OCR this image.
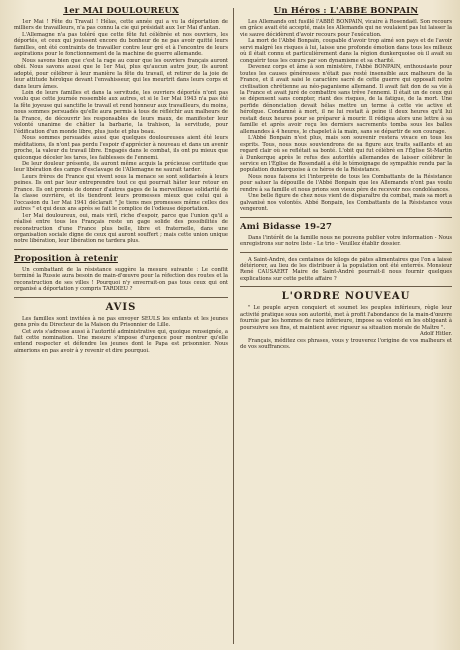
1er MAI DOULOUREUX

1er Mai ! Fête du Travail ! Hélas, cette année qui a vu la déportation de milliers de travailleurs, n'a pas connu la cie qui présidait aux 1er Mai d'antan.

L'Allemagne n'a pas toléré que cette fête fut célébrée et nos ouvriers, les déportés, et ceux qui jouissent encore du bonheur de ne pas avoir quitté leurs familles, ont été contraints de travailler contre leur gré et à l'encontre de leurs aspirations pour le fonctionnement de la machine de guerre allemande.

Nous savons bien que c'est la rage au cœur que les ouvriers français auront obéi. Nous savons aussi que le 1er Mai, plus qu'aucun autre jour, ils auront adopté, pour célébrer à leur manière la fête du travail, et retirer de la joie de leur attitude héroïque devant l'envahisseur, qui les meurtrit dans leurs corps et dans leurs âmes.

Loin de leurs familles et dans la servitude, les ouvriers déportés n'ont pas voulu que cette journée ressemble aux autres, et si le 1er Mai 1943 n'a pas été la fête joyeuse qui sanctifie le travail et rend honneur aux travailleurs, du moins, nous sommes persuadés qu'elle aura permis à tous de réfléchir aux malheurs de la France, de découvrir les responsables de leurs maux, de manifester leur volonté unanime de châtier la barbarie, la trahison, la servitude, pour l'édification d'un monde libre, plus juste et plus beau.

Nous sommes persuadés aussi que quelques douloureuses aient été leurs méditations, ils n'ont pas perdu l'espoir d'apprécier à nouveau et dans un avenir proche, la valeur du travail libre. Engagés dans le combat, ils ont pu mieux que quiconque déceler les tares, les faiblesses de l'ennemi.

De leur douleur présente, ils auront même acquis la précieuse certitude que leur libération des camps d'esclavage de l'Allemagne ne saurait tarder.

Leurs frères de France qui vivent sous la menace se sont solidarisés à leurs peines. Ils ont par leur entreprendre tout ce qui pourrait hâter leur retour en France. Ils ont promis de donner d'autres gages de la merveilleuse solidarité de la classe ouvrière, et ils tiendront leurs promesses mieux que celui qui à l'occasion du 1er Mai 1941 déclarait " Je tiens mes promesses même celles des autres " et qui deux ans après se fait le complice de l'odieuse déportation.

1er Mai douloureux, oui, mais viril, riche d'espoir, parce que l'union qu'il a réalisé entre tous les Français reste un gage solide des possibilités de reconstruction d'une France plus belle, libre et fraternelle, dans une organisation sociale digne de ceux qui auront souffert ; mais cette union unique notre libération, leur libération ne tardera plus.

Proposition à retenir

Un combattant de la résistance suggère la mesure suivante : Le conflit terminé la Russie aura besoin de main-d'œuvre pour la réfection des routes et la reconstruction de ses villes ! Pourquoi n'y enverrait-on pas tous ceux qui ont organisé a déportation y compris TARDIEU ?

AVIS

Les familles sont invitées à ne pas envoyer SEULS les enfants et les jeunes gens près du Directeur de la Maison du Prisonnier de Lille.

Cet avis s'adresse aussi à l'autorité administrative qui, quoique renseignée, a fait cette nomination. Une mesure s'impose d'urgence pour montrer qu'elle entend respecter et défendre les jeunes dont le Papa est prisonnier. Nous aimerions en pas avoir à y revenir et dire pourquoi.

Un Héros : L'ABBÉ BONPAIN

Les Allemands ont fusillé l'ABBÉ BONPAIN, vicaire à Rosendaël. Son recours en grâce avait été accepté, mais les Allemands qui ne voulaient pas lui laisser la vie sauve décidèrent d'avoir recours pour l'exécution.

La mort de l'Abbé Bonpain, coupable d'avoir trop aimé son pays et de l'avoir servi malgré les risques à lui, laisse une profonde émotion dans tous les milieux où il était connu et particulièrement dans la région dunkerquoise où il avait su conquérir tous les cœurs par son dynamisme et sa charité.

Devenez corps et âme à son ministère, l'Abbé BONPAIN, enthousiaste pour toutes les causes généreuses n'était pas resté insensible aux malheurs de la France, et il avait saisi le caractère sacré de cette guerre qui opposait notre civilisation chrétienne au néo-paganisme allemand. Il avait fait don de sa vie à la France et avait juré de combattre sans trêve l'ennemi. Il était un de ceux qui se dépensent sans compter, riant des risques, de la fatigue, de la mort. Une perfide dénonciation devait hélas mettre un terme à cette vie active et héroïque. Condamné à mort, il ne lui restait à peine il deux heures qu'il lui restait deux heures pour se préparer à mourir. Il rédigea alors une lettre à sa famille et après avoir reçu les derniers sacrements tomba sous les balles allemandes à 4 heures, le chapelet à la main, sans se départir de son courage.

L'Abbé Bonpain n'est plus, mais son souvenir restera vivace en tous les esprits. Tous, nous nous souviendrons de sa figure aux traits saillants et au regard clair où se reflétait sa bonté. L'obit qui fut célébré en l'Église St-Martin à Dunkerque après le refus des autorités allemandes de laisser célébrer le service en l'Église de Rosendaël a été le témoignage de sympathie rendu par la population dunkerquoise à ce héros de la Résistance.

Nous nous faisons ici l'interprète de tous les Combattants de la Résistance pour saluer la dépouille de l'Abbé Bonpain que les Allemands n'ont pas voulu rendre à sa famille et nous prions son vieux père de recevoir nos condoléances.

Une belle figure de chez nous vient de disparaître du combat, mais sa mort a galvanisé nos volontés. Abbé Bonpain, les Combattants de la Résistance vous vengeront.

Ami Bidasse 19-27

Dans l'intérêt de la famille nous ne pouvons publier votre information - Nous enregistrons sur notre liste - Le trio - Veuillez établir dossier.

A Saint-André, des centaines de kilogs de pâtes alimentaires que l'on a laissé détériorer, au lieu de les distribuer à la population ont été enterrés. Monsieur René CAUSAERT Maire de Saint-André pourrait-il nous fournir quelques explications sur cette petite affaire ?

L'ORDRE NOUVEAU

" Le peuple aryen conquiert et soumet les peuples inférieurs, règle leur activité pratique sous son autorité, met à profit l'abondance de la main-d'œuvre fournie par les hommes de race inférieure, impose sa volonté en les obligeant à poursuivre ses fins, et maintient avec rigueur sa situation morale de Maître ".

Adolf Hitler.

Français, méditez ces phrases, vous y trouverez l'origine de vos malheurs et de vos souffrances.
